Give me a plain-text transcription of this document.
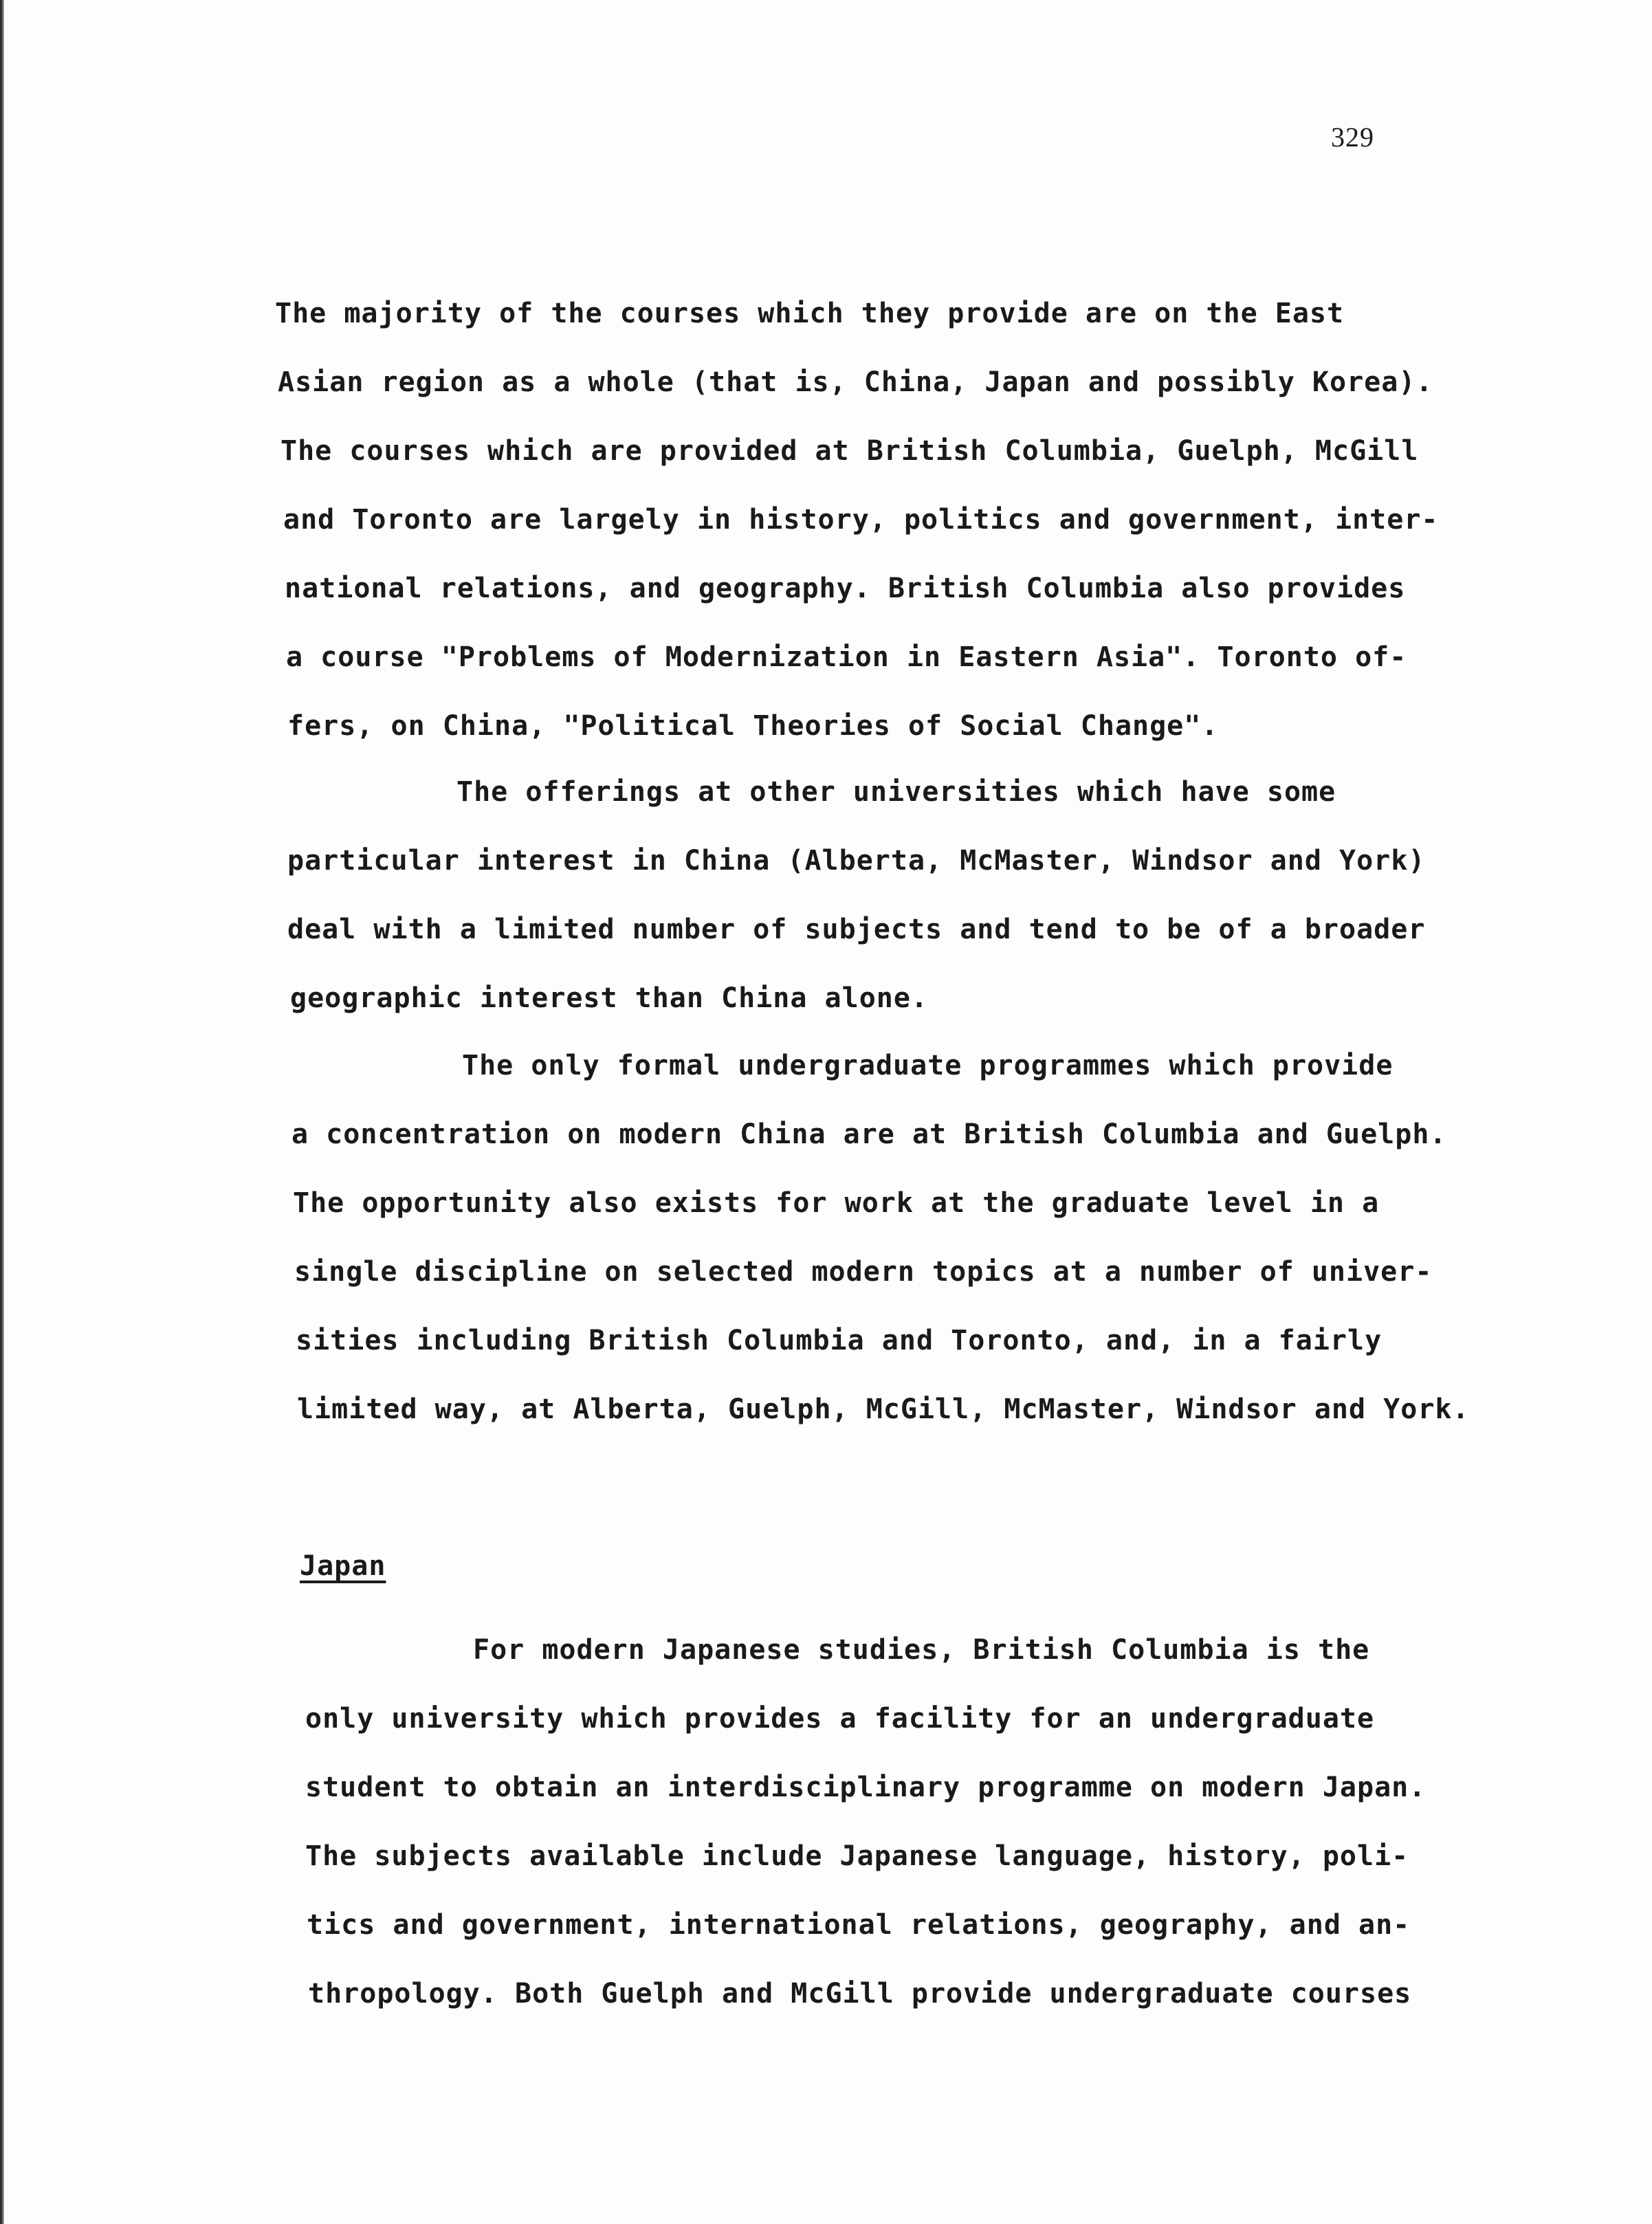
329
The majority of the courses which they provide are on the East
Asian region as a whole (that is, China, Japan and possibly Korea).
The courses which are provided at British Columbia, Guelph, McGill
and Toronto are largely in history, politics and government, inter-
national relations, and geography. British Columbia also provides
a course "Problems of Modernization in Eastern Asia". Toronto of-
fers, on China, "Political Theories of Social Change".
The offerings at other universities which have some
particular interest in China (Alberta, McMaster, Windsor and York)
deal with a limited number of subjects and tend to be of a broader
geographic interest than China alone.
The only formal undergraduate programmes which provide
a concentration on modern China are at British Columbia and Guelph.
The opportunity also exists for work at the graduate level in a
single discipline on selected modern topics at a number of univer-
sities including British Columbia and Toronto, and, in a fairly
limited way, at Alberta, Guelph, McGill, McMaster, Windsor and York.
Japan
For modern Japanese studies, British Columbia is the
only university which provides a facility for an undergraduate
student to obtain an interdisciplinary programme on modern Japan.
The subjects available include Japanese language, history, poli-
tics and government, international relations, geography, and an-
thropology. Both Guelph and McGill provide undergraduate courses
